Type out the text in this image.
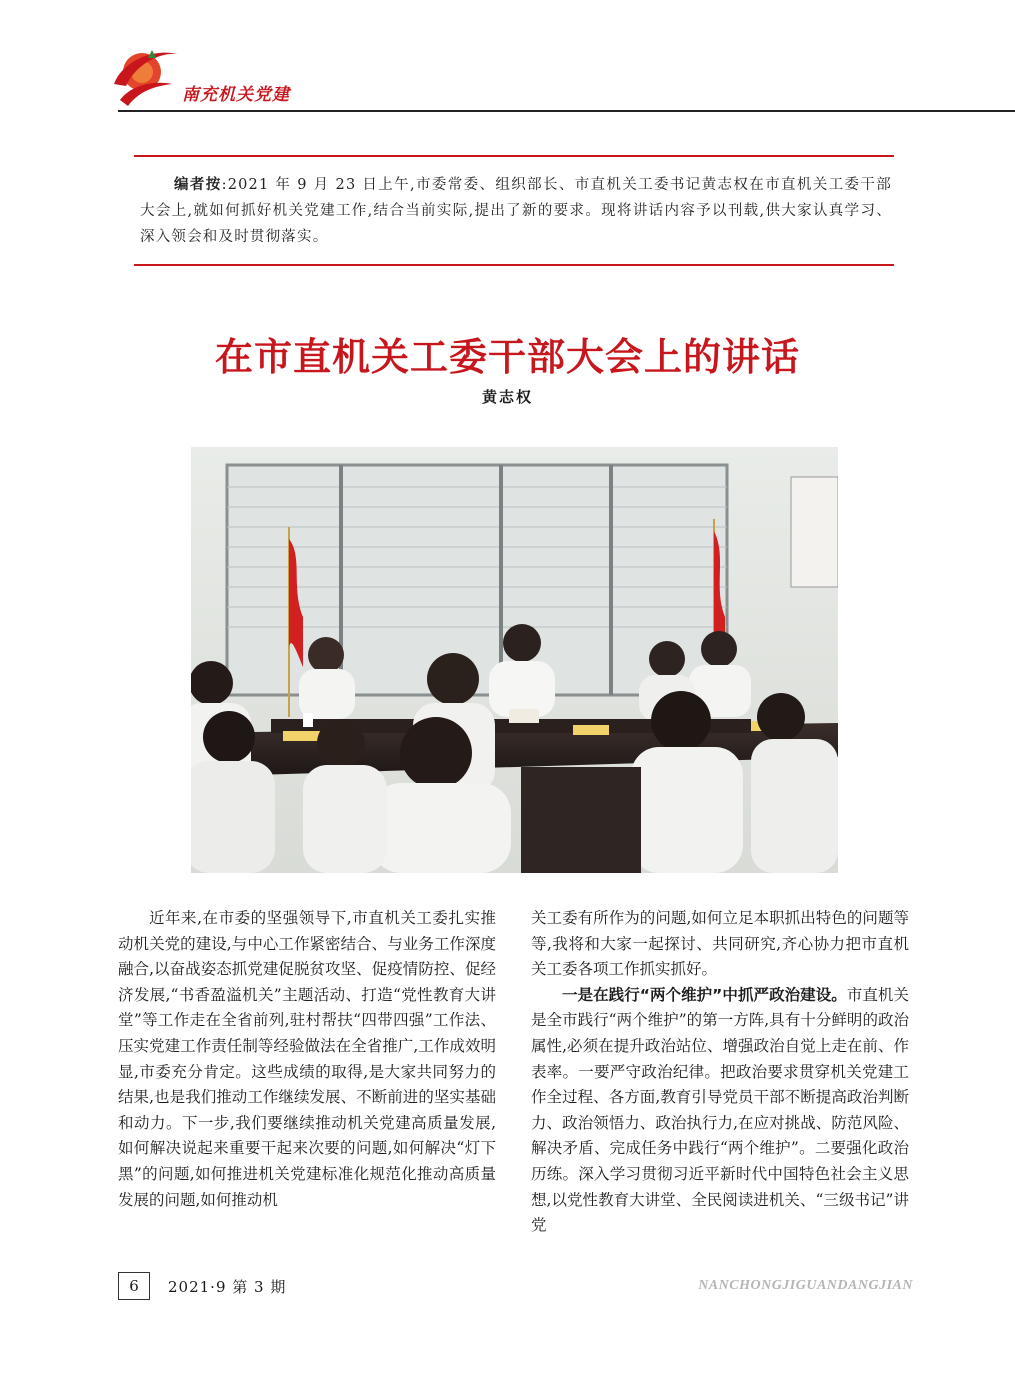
南充机关党建
编者按:2021 年 9 月 23 日上午,市委常委、组织部长、市直机关工委书记黄志权在市直机关工委干部大会上,就如何抓好机关党建工作,结合当前实际,提出了新的要求。现将讲话内容予以刊载,供大家认真学习、深入领会和及时贯彻落实。
在市直机关工委干部大会上的讲话
黄志权

近年来,在市委的坚强领导下,市直机关工委扎实推动机关党的建设,与中心工作紧密结合、与业务工作深度融合,以奋战姿态抓党建促脱贫攻坚、促疫情防控、促经济发展,“书香盈溢机关”主题活动、打造“党性教育大讲堂”等工作走在全省前列,驻村帮扶“四带四强”工作法、压实党建工作责任制等经验做法在全省推广,工作成效明显,市委充分肯定。这些成绩的取得,是大家共同努力的结果,也是我们推动工作继续发展、不断前进的坚实基础和动力。下一步,我们要继续推动机关党建高质量发展,如何解决说起来重要干起来次要的问题,如何解决“灯下黑”的问题,如何推进机关党建标准化规范化推动高质量发展的问题,如何推动机

关工委有所作为的问题,如何立足本职抓出特色的问题等等,我将和大家一起探讨、共同研究,齐心协力把市直机关工委各项工作抓实抓好。

一是在践行“两个维护”中抓严政治建设。市直机关是全市践行“两个维护”的第一方阵,具有十分鲜明的政治属性,必须在提升政治站位、增强政治自觉上走在前、作表率。一要严守政治纪律。把政治要求贯穿机关党建工作全过程、各方面,教育引导党员干部不断提高政治判断力、政治领悟力、政治执行力,在应对挑战、防范风险、解决矛盾、完成任务中践行“两个维护”。二要强化政治历练。深入学习贯彻习近平新时代中国特色社会主义思想,以党性教育大讲堂、全民阅读进机关、“三级书记”讲党

6	2021·9 第 3 期	NANCHONGJIGUANDANGJIAN
